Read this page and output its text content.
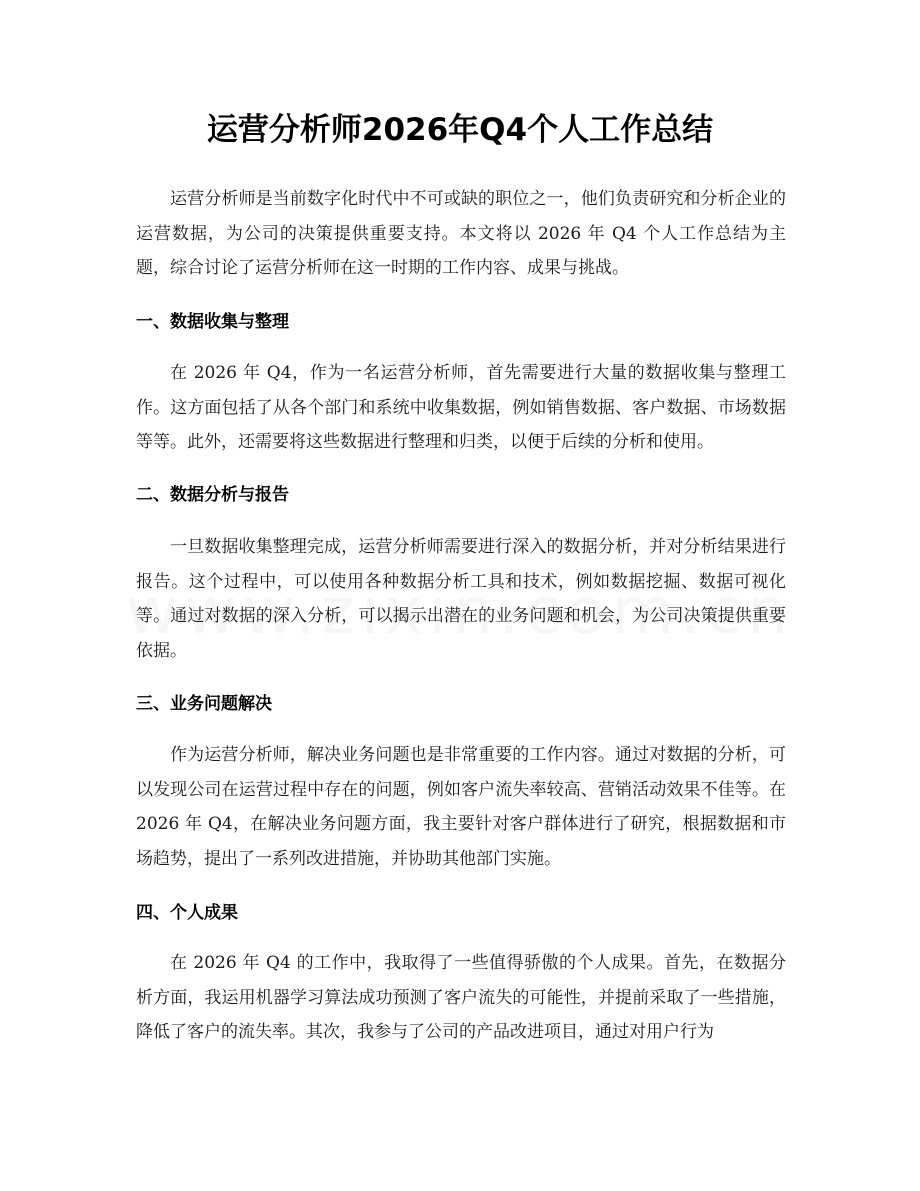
运营分析师2026年Q4个人工作总结

运营分析师是当前数字化时代中不可或缺的职位之一，他们负责研究和分析企业的运营数据，为公司的决策提供重要支持。本文将以 2026 年 Q4 个人工作总结为主题，综合讨论了运营分析师在这一时期的工作内容、成果与挑战。

一、数据收集与整理

在 2026 年 Q4，作为一名运营分析师，首先需要进行大量的数据收集与整理工作。这方面包括了从各个部门和系统中收集数据，例如销售数据、客户数据、市场数据等等。此外，还需要将这些数据进行整理和归类，以便于后续的分析和使用。

二、数据分析与报告

一旦数据收集整理完成，运营分析师需要进行深入的数据分析，并对分析结果进行报告。这个过程中，可以使用各种数据分析工具和技术，例如数据挖掘、数据可视化等。通过对数据的深入分析，可以揭示出潜在的业务问题和机会，为公司决策提供重要依据。

三、业务问题解决

作为运营分析师，解决业务问题也是非常重要的工作内容。通过对数据的分析，可以发现公司在运营过程中存在的问题，例如客户流失率较高、营销活动效果不佳等。在 2026 年 Q4，在解决业务问题方面，我主要针对客户群体进行了研究，根据数据和市场趋势，提出了一系列改进措施，并协助其他部门实施。

四、个人成果

在 2026 年 Q4 的工作中，我取得了一些值得骄傲的个人成果。首先，在数据分析方面，我运用机器学习算法成功预测了客户流失的可能性，并提前采取了一些措施，降低了客户的流失率。其次，我参与了公司的产品改进项目，通过对用户行为
